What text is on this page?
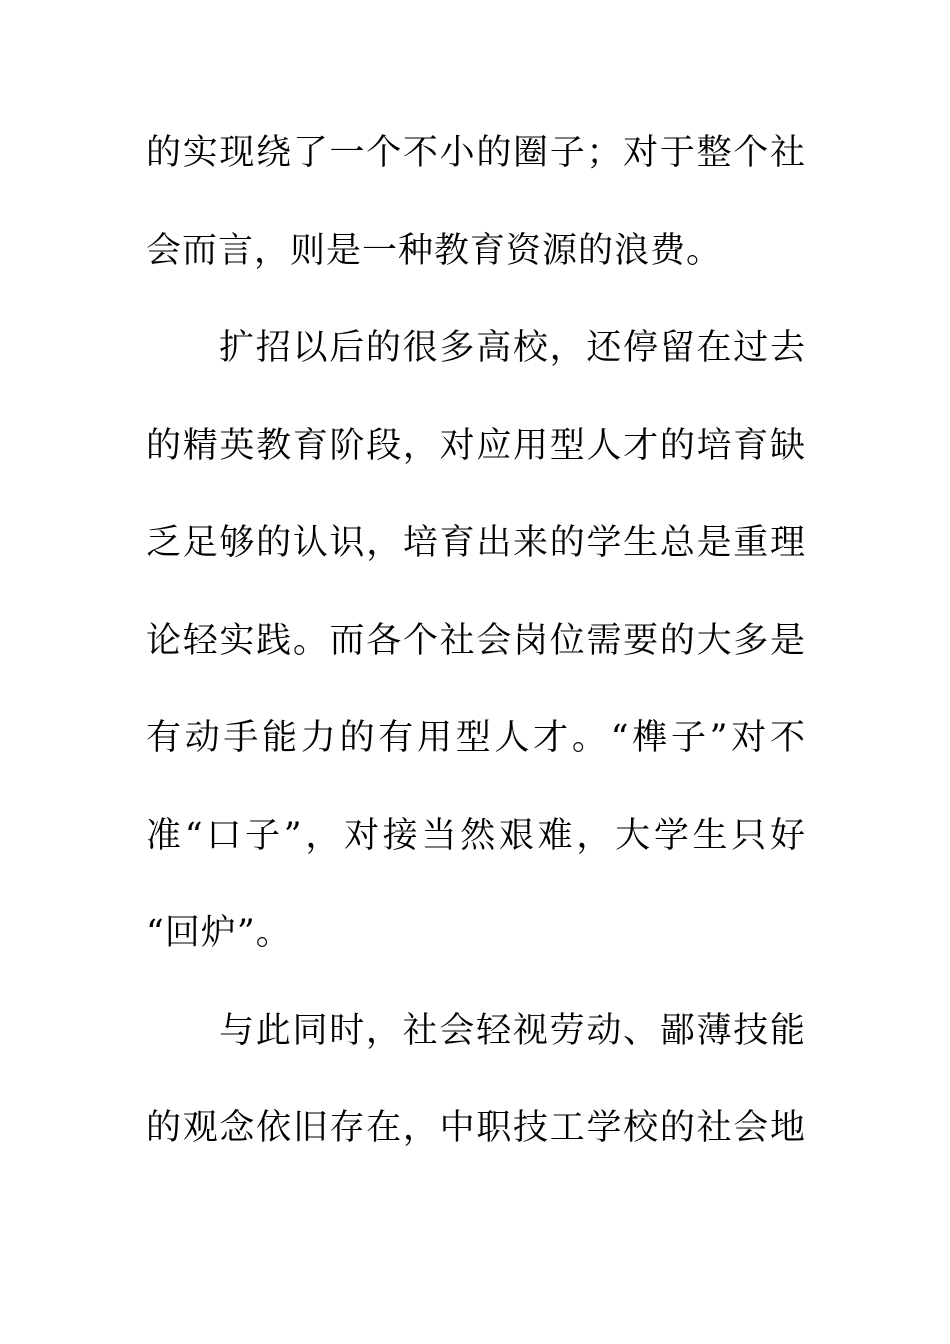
的实现绕了一个不小的圈子；对于整个社
会而言，则是一种教育资源的浪费。
扩招以后的很多高校，还停留在过去
的精英教育阶段，对应用型人才的培育缺
乏足够的认识，培育出来的学生总是重理
论轻实践。而各个社会岗位需要的大多是
有动手能力的有用型人才。“榫子”对不
准“口子”，对接当然艰难，大学生只好
“回炉”。
与此同时，社会轻视劳动、鄙薄技能
的观念依旧存在，中职技工学校的社会地
